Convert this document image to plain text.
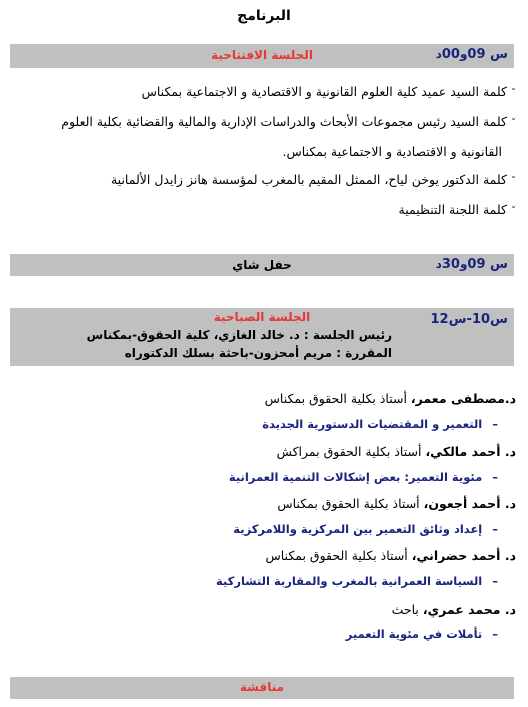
البرنامج
س 09و00د
الجلسة الافتتاحية
ˇكلمة السيد عميد كلية العلوم القانونية و الاقتصادية و الاجتماعية بمكناس
ˇكلمة السيد رئيس مجموعات الأبحاث والدراسات الإدارية والمالية والقضائية بكلية العلوم
القانونية و الاقتصادية و الاجتماعية بمكناس.
ˇكلمة الدكتور يوخن لياح، الممثل المقيم بالمغرب لمؤسسة هانز زايدل الألمانية
ˇكلمة اللجنة التنظيمية
س 09و30د
حفل شاي
س10-س12
الجلسة الصباحية
رئيس الجلسة : د. خالد الغازي، كلية الحقوق-بمكناس
المقررة : مريم أمحزون-باحثة بسلك الدكتوراه
د.مصطفى معمر، أستاذ بكلية الحقوق بمكناس
–التعمير و المقتضيات الدستورية الجديدة
د. أحمد مالكي، أستاذ بكلية الحقوق بمراكش
–مئوية التعمير: بعض إشكالات التنمية العمرانية
د. أحمد أجعون، أستاذ بكلية الحقوق بمكناس
–إعداد وثائق التعمير بين المركزية واللامركزية
د. أحمد حضراني، أستاذ بكلية الحقوق بمكناس
–السياسة العمرانية بالمغرب والمقاربة التشاركية
د. محمد عمري، باحث
–تأملات في مئوية التعمير
مناقشة
